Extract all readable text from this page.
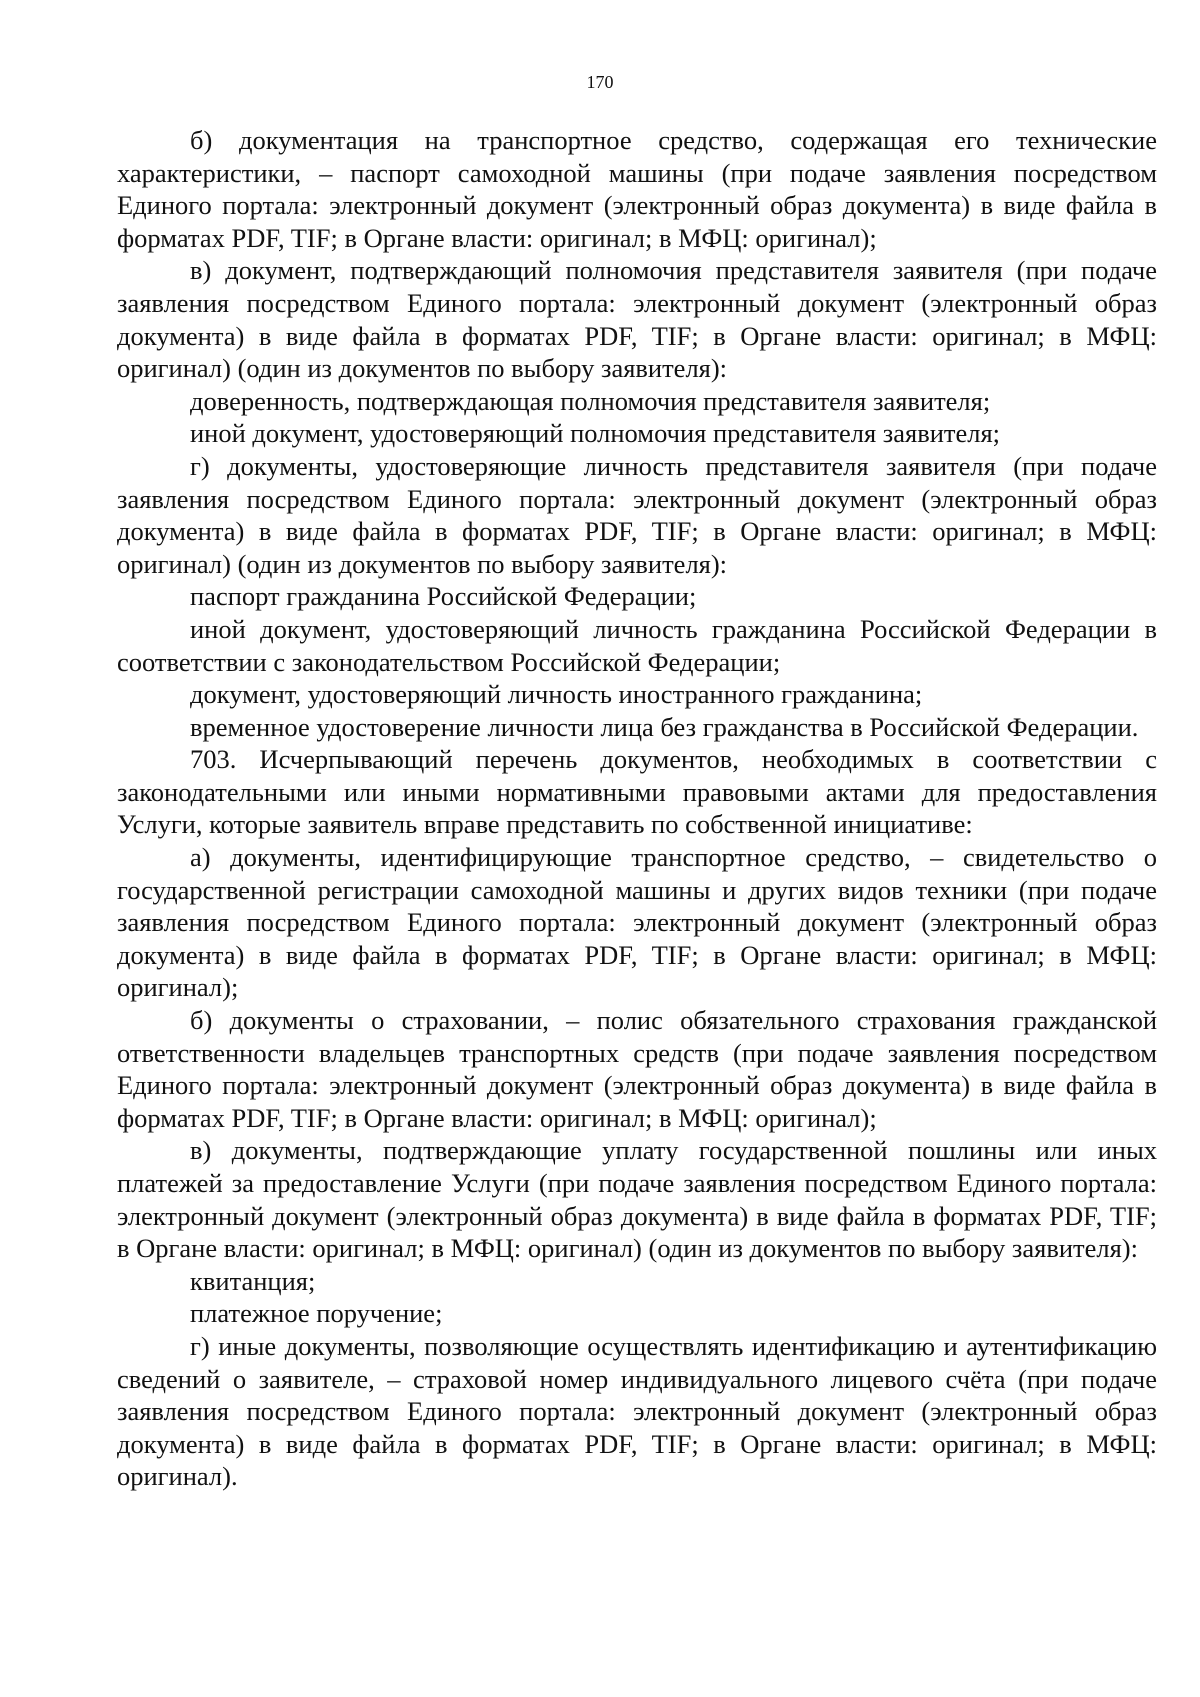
170

б) документация на транспортное средство, содержащая его технические характеристики, – паспорт самоходной машины (при подаче заявления посредством Единого портала: электронный документ (электронный образ документа) в виде файла в форматах PDF, TIF; в Органе власти: оригинал; в МФЦ: оригинал);

в) документ, подтверждающий полномочия представителя заявителя (при подаче заявления посредством Единого портала: электронный документ (электронный образ документа) в виде файла в форматах PDF, TIF; в Органе власти: оригинал; в МФЦ: оригинал) (один из документов по выбору заявителя):

доверенность, подтверждающая полномочия представителя заявителя;

иной документ, удостоверяющий полномочия представителя заявителя;

г) документы, удостоверяющие личность представителя заявителя (при подаче заявления посредством Единого портала: электронный документ (электронный образ документа) в виде файла в форматах PDF, TIF; в Органе власти: оригинал; в МФЦ: оригинал) (один из документов по выбору заявителя):

паспорт гражданина Российской Федерации;

иной документ, удостоверяющий личность гражданина Российской Федерации в соответствии с законодательством Российской Федерации;

документ, удостоверяющий личность иностранного гражданина;

временное удостоверение личности лица без гражданства в Российской Федерации.

703. Исчерпывающий перечень документов, необходимых в соответствии с законодательными или иными нормативными правовыми актами для предоставления Услуги, которые заявитель вправе представить по собственной инициативе:

а) документы, идентифицирующие транспортное средство, – свидетельство о государственной регистрации самоходной машины и других видов техники (при подаче заявления посредством Единого портала: электронный документ (электронный образ документа) в виде файла в форматах PDF, TIF; в Органе власти: оригинал; в МФЦ: оригинал);

б) документы о страховании, – полис обязательного страхования гражданской ответственности владельцев транспортных средств (при подаче заявления посредством Единого портала: электронный документ (электронный образ документа) в виде файла в форматах PDF, TIF; в Органе власти: оригинал; в МФЦ: оригинал);

в) документы, подтверждающие уплату государственной пошлины или иных платежей за предоставление Услуги (при подаче заявления посредством Единого портала: электронный документ (электронный образ документа) в виде файла в форматах PDF, TIF; в Органе власти: оригинал; в МФЦ: оригинал) (один из документов по выбору заявителя):

квитанция;

платежное поручение;

г) иные документы, позволяющие осуществлять идентификацию и аутентификацию сведений о заявителе, – страховой номер индивидуального лицевого счёта (при подаче заявления посредством Единого портала: электронный документ (электронный образ документа) в виде файла в форматах PDF, TIF; в Органе власти: оригинал; в МФЦ: оригинал).
